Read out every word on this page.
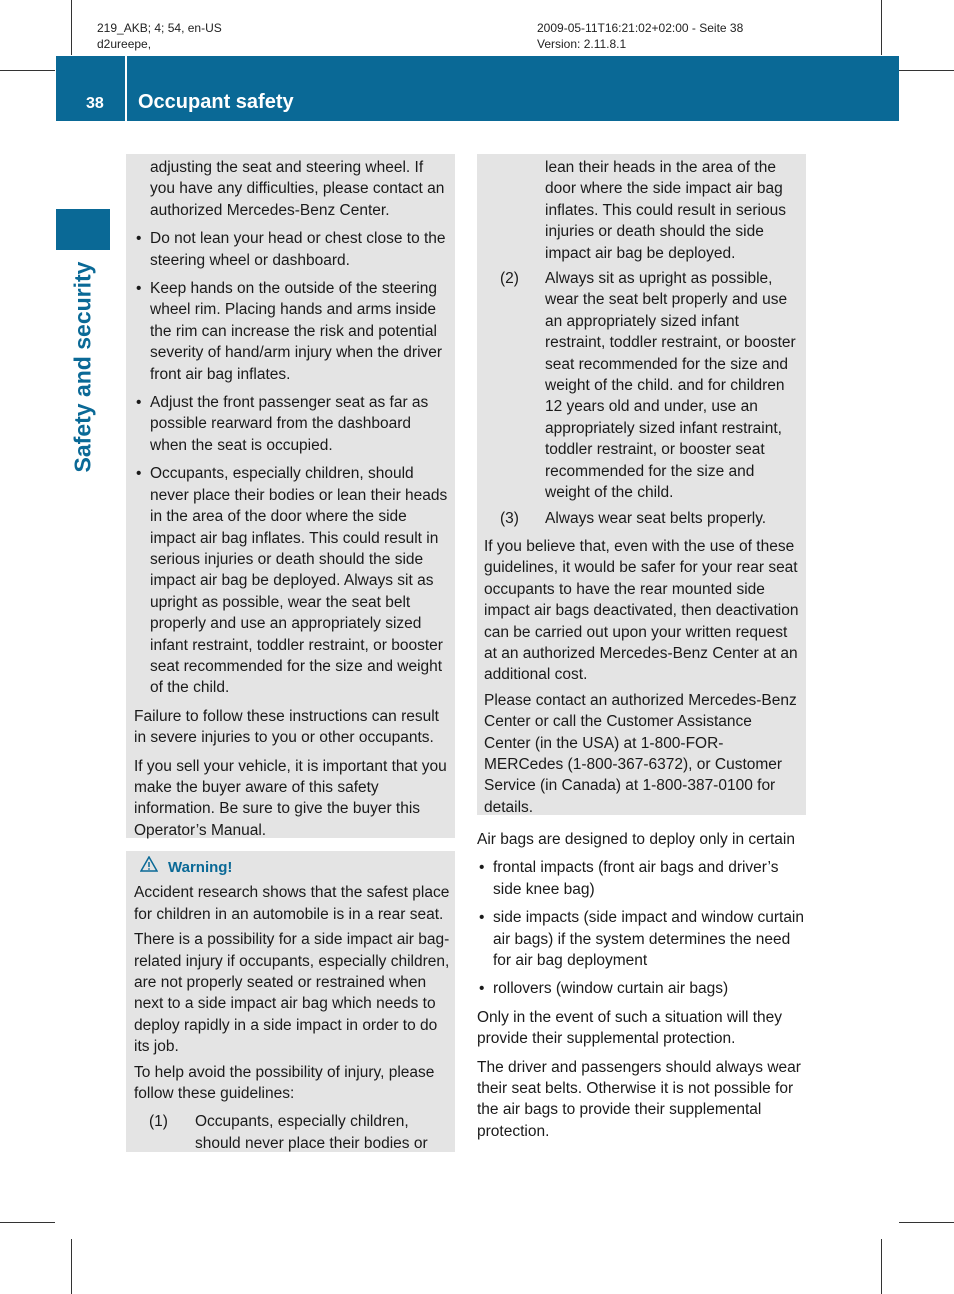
219_AKB; 4; 54, en-US
d2ureepe,
2009-05-11T16:21:02+02:00 - Seite 38
Version: 2.11.8.1
38 Occupant safety
Safety and security

adjusting the seat and steering wheel. If you have any difficulties, please contact an authorized Mercedes-Benz Center.

• Do not lean your head or chest close to the steering wheel or dashboard.
• Keep hands on the outside of the steering wheel rim. Placing hands and arms inside the rim can increase the risk and potential severity of hand/arm injury when the driver front air bag inflates.
• Adjust the front passenger seat as far as possible rearward from the dashboard when the seat is occupied.
• Occupants, especially children, should never place their bodies or lean their heads in the area of the door where the side impact air bag inflates. This could result in serious injuries or death should the side impact air bag be deployed. Always sit as upright as possible, wear the seat belt properly and use an appropriately sized infant restraint, toddler restraint, or booster seat recommended for the size and weight of the child.

Failure to follow these instructions can result in severe injuries to you or other occupants.

If you sell your vehicle, it is important that you make the buyer aware of this safety information. Be sure to give the buyer this Operator’s Manual.

Warning!

Accident research shows that the safest place for children in an automobile is in a rear seat.

There is a possibility for a side impact air bag-related injury if occupants, especially children, are not properly seated or restrained when next to a side impact air bag which needs to deploy rapidly in a side impact in order to do its job.

To help avoid the possibility of injury, please follow these guidelines:

(1) Occupants, especially children, should never place their bodies or

lean their heads in the area of the door where the side impact air bag inflates. This could result in serious injuries or death should the side impact air bag be deployed.

(2) Always sit as upright as possible, wear the seat belt properly and use an appropriately sized infant restraint, toddler restraint, or booster seat recommended for the size and weight of the child. and for children 12 years old and under, use an appropriately sized infant restraint, toddler restraint, or booster seat recommended for the size and weight of the child.
(3) Always wear seat belts properly.

If you believe that, even with the use of these guidelines, it would be safer for your rear seat occupants to have the rear mounted side impact air bags deactivated, then deactivation can be carried out upon your written request at an authorized Mercedes-Benz Center at an additional cost.

Please contact an authorized Mercedes-Benz Center or call the Customer Assistance Center (in the USA) at 1-800-FOR-MERCedes (1-800-367-6372), or Customer Service (in Canada) at 1-800-387-0100 for details.

Air bags are designed to deploy only in certain

• frontal impacts (front air bags and driver’s side knee bag)
• side impacts (side impact and window curtain air bags) if the system determines the need for air bag deployment
• rollovers (window curtain air bags)

Only in the event of such a situation will they provide their supplemental protection.

The driver and passengers should always wear their seat belts. Otherwise it is not possible for the air bags to provide their supplemental protection.
